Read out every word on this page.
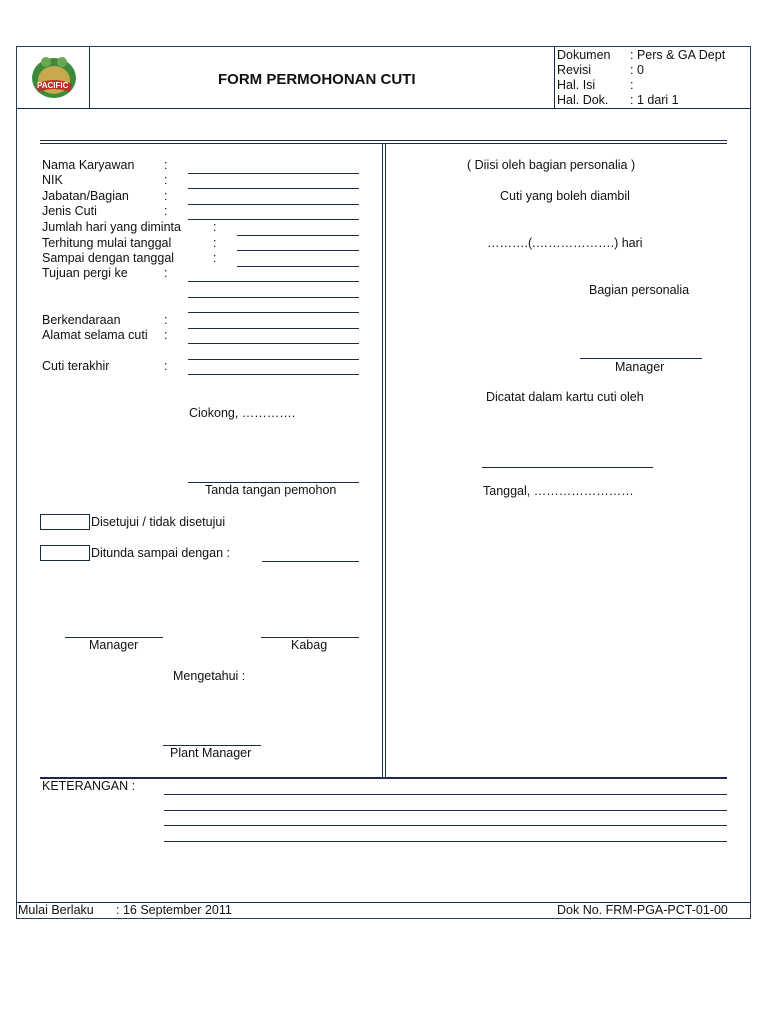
PACIFIC	FORM PERMOHONAN CUTI
Dokumen : Pers & GA Dept
Revisi	: 0
Hal. Isi	:
Hal. Dok. : 1 dari 1
Nama Karyawan :
NIK	:
Jabatan/Bagian	:
Jenis Cuti	:
Jumlah hari yang diminta	:
Terhitung mulai tanggal	:
Sampai dengan tanggal	:
Tujuan pergi ke	:
Berkendaraan	:
Alamat selama cuti :
Cuti terakhir	:
Ciokong, ………….
Tanda tangan pemohon
Disetujui / tidak disetujui
Ditunda sampai dengan :
Manager	Kabag
Mengetahui :
Plant Manager
( Diisi oleh bagian personalia )
Cuti yang boleh diambil
……….(.……………….) hari
Bagian personalia
Manager
Dicatat dalam kartu cuti oleh
Tanggal, ……………………
KETERANGAN :
Mulai Berlaku : 16 September 2011	Dok No. FRM-PGA-PCT-01-00
